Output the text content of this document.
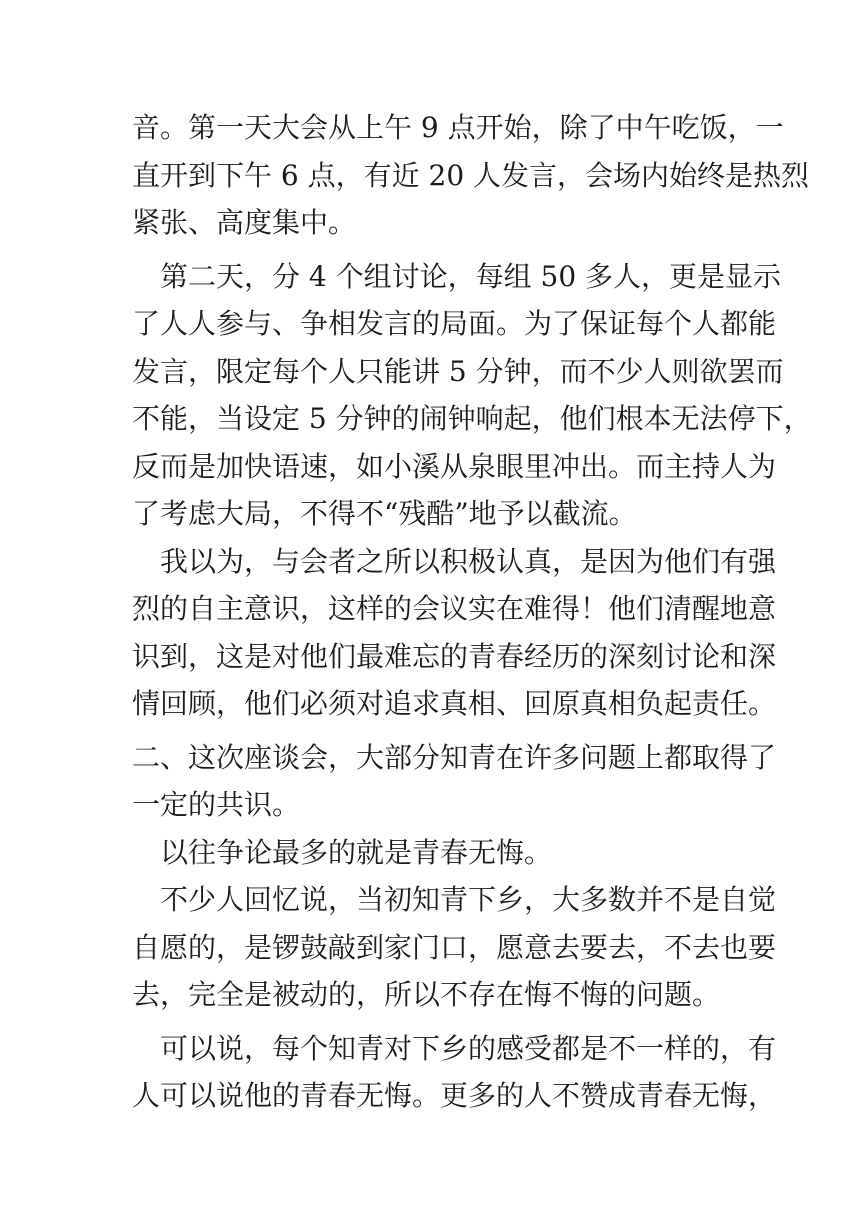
音。第一天大会从上午 9 点开始，除了中午吃饭，一
直开到下午 6 点，有近 20 人发言，会场内始终是热烈
紧张、高度集中。
　第二天，分 4 个组讨论，每组 50 多人，更是显示
了人人参与、争相发言的局面。为了保证每个人都能
发言，限定每个人只能讲 5 分钟，而不少人则欲罢而
不能，当设定 5 分钟的闹钟响起，他们根本无法停下，
反而是加快语速，如小溪从泉眼里冲出。而主持人为
了考虑大局，不得不“残酷”地予以截流。
　我以为，与会者之所以积极认真，是因为他们有强
烈的自主意识，这样的会议实在难得！他们清醒地意
识到，这是对他们最难忘的青春经历的深刻讨论和深
情回顾，他们必须对追求真相、回原真相负起责任。
二、这次座谈会，大部分知青在许多问题上都取得了
一定的共识。
　以往争论最多的就是青春无悔。
　不少人回忆说，当初知青下乡，大多数并不是自觉
自愿的，是锣鼓敲到家门口，愿意去要去，不去也要
去，完全是被动的，所以不存在悔不悔的问题。
　可以说，每个知青对下乡的感受都是不一样的，有
人可以说他的青春无悔。更多的人不赞成青春无悔，
